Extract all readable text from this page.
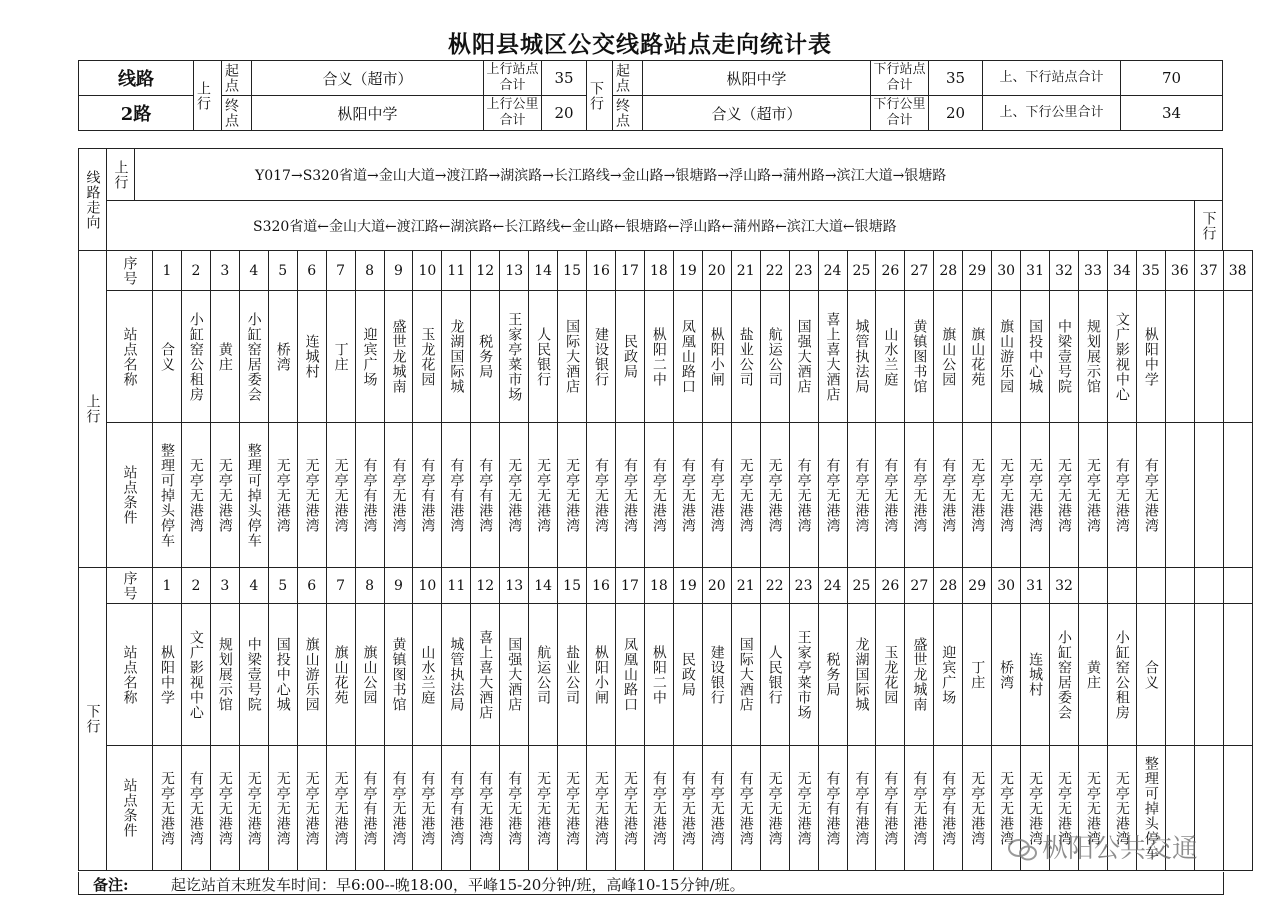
枞阳县城区公交线路站点走向统计表
线路	上行	起点	合义（超市）	上行站点合计	35	下行	起点	枞阳中学	下行站点合计	35	上、下行站点合计	70
2路		终点	枞阳中学	上行公里合计	20		终点	合义（超市）	下行公里合计	20	上、下行公里合计	34
线路走向	上行	Y017→S320省道→金山大道→渡江路→湖滨路→长江路线→金山路→银塘路→浮山路→蒲州路→滨江大道→银塘路	
	S320省道←金山大道←渡江路←湖滨路←长江路线←金山路←银塘路←浮山路←蒲州路←滨江大道←银塘路		下行
上行	序号	1	2	3	4	5	6	7	8	9	10	11	12	13	14	15	16	17	18	19	20	21	22	23	24	25	26	27	28	29	30	31	32	33	34	35	36	37	38

	站点名称	合义	小缸窑公租房	黄庄	小缸窑居委会	桥湾	连城村	丁庄	迎宾广场	盛世龙城南	玉龙花园	龙湖国际城	税务局	王家亭菜市场	人民银行	国际大酒店	建设银行	民政局	枞阳二中	凤凰山路口	枞阳小闸	盐业公司	航运公司	国强大酒店	喜上喜大酒店	城管执法局	山水兰庭	黄镇图书馆	旗山公园	旗山花苑	旗山游乐园	国投中心城	中梁壹号院	规划展示馆	文广影视中心	枞阳中学			

	站点条件	整理可掉头停车	无亭无港湾	无亭无港湾	整理可掉头停车	无亭无港湾	无亭无港湾	无亭无港湾	有亭有港湾	有亭无港湾	有亭有港湾	有亭有港湾	有亭有港湾	无亭无港湾	无亭无港湾	无亭无港湾	有亭无港湾	有亭无港湾	有亭无港湾	有亭无港湾	有亭无港湾	无亭无港湾	无亭无港湾	有亭无港湾	有亭无港湾	有亭无港湾	有亭无港湾	有亭无港湾	有亭无港湾	无亭无港湾	无亭无港湾	无亭无港湾	无亭无港湾	无亭无港湾	有亭无港湾	有亭无港湾			

下行	序号	1	2	3	4	5	6	7	8	9	10	11	12	13	14	15	16	17	18	19	20	21	22	23	24	25	26	27	28	29	30	31	32						

	站点名称	枞阳中学	文广影视中心	规划展示馆	中梁壹号院	国投中心城	旗山游乐园	旗山花苑	旗山公园	黄镇图书馆	山水兰庭	城管执法局	喜上喜大酒店	国强大酒店	航运公司	盐业公司	枞阳小闸	凤凰山路口	枞阳二中	民政局	建设银行	国际大酒店	人民银行	王家亭菜市场	税务局	龙湖国际城	玉龙花园	盛世龙城南	迎宾广场	丁庄	桥湾	连城村	小缸窑居委会	黄庄	小缸窑公租房	合义			

	站点条件	无亭无港湾	有亭无港湾	无亭无港湾	无亭无港湾	无亭无港湾	无亭无港湾	无亭无港湾	有亭有港湾	有亭无港湾	有亭无港湾	有亭有港湾	有亭无港湾	有亭无港湾	无亭无港湾	无亭无港湾	无亭无港湾	无亭无港湾	有亭无港湾	有亭无港湾	有亭无港湾	有亭无港湾	无亭无港湾	无亭无港湾	有亭有港湾	有亭有港湾	有亭有港湾	有亭无港湾	有亭有港湾	无亭无港湾	无亭无港湾	无亭无港湾	无亭无港湾	无亭无港湾	无亭无港湾	整理可掉头停车			

备注:	起讫站首末班发车时间：早6:00--晚18:00，平峰15-20分钟/班，高峰10-15分钟/班。
枞阳公共交通
